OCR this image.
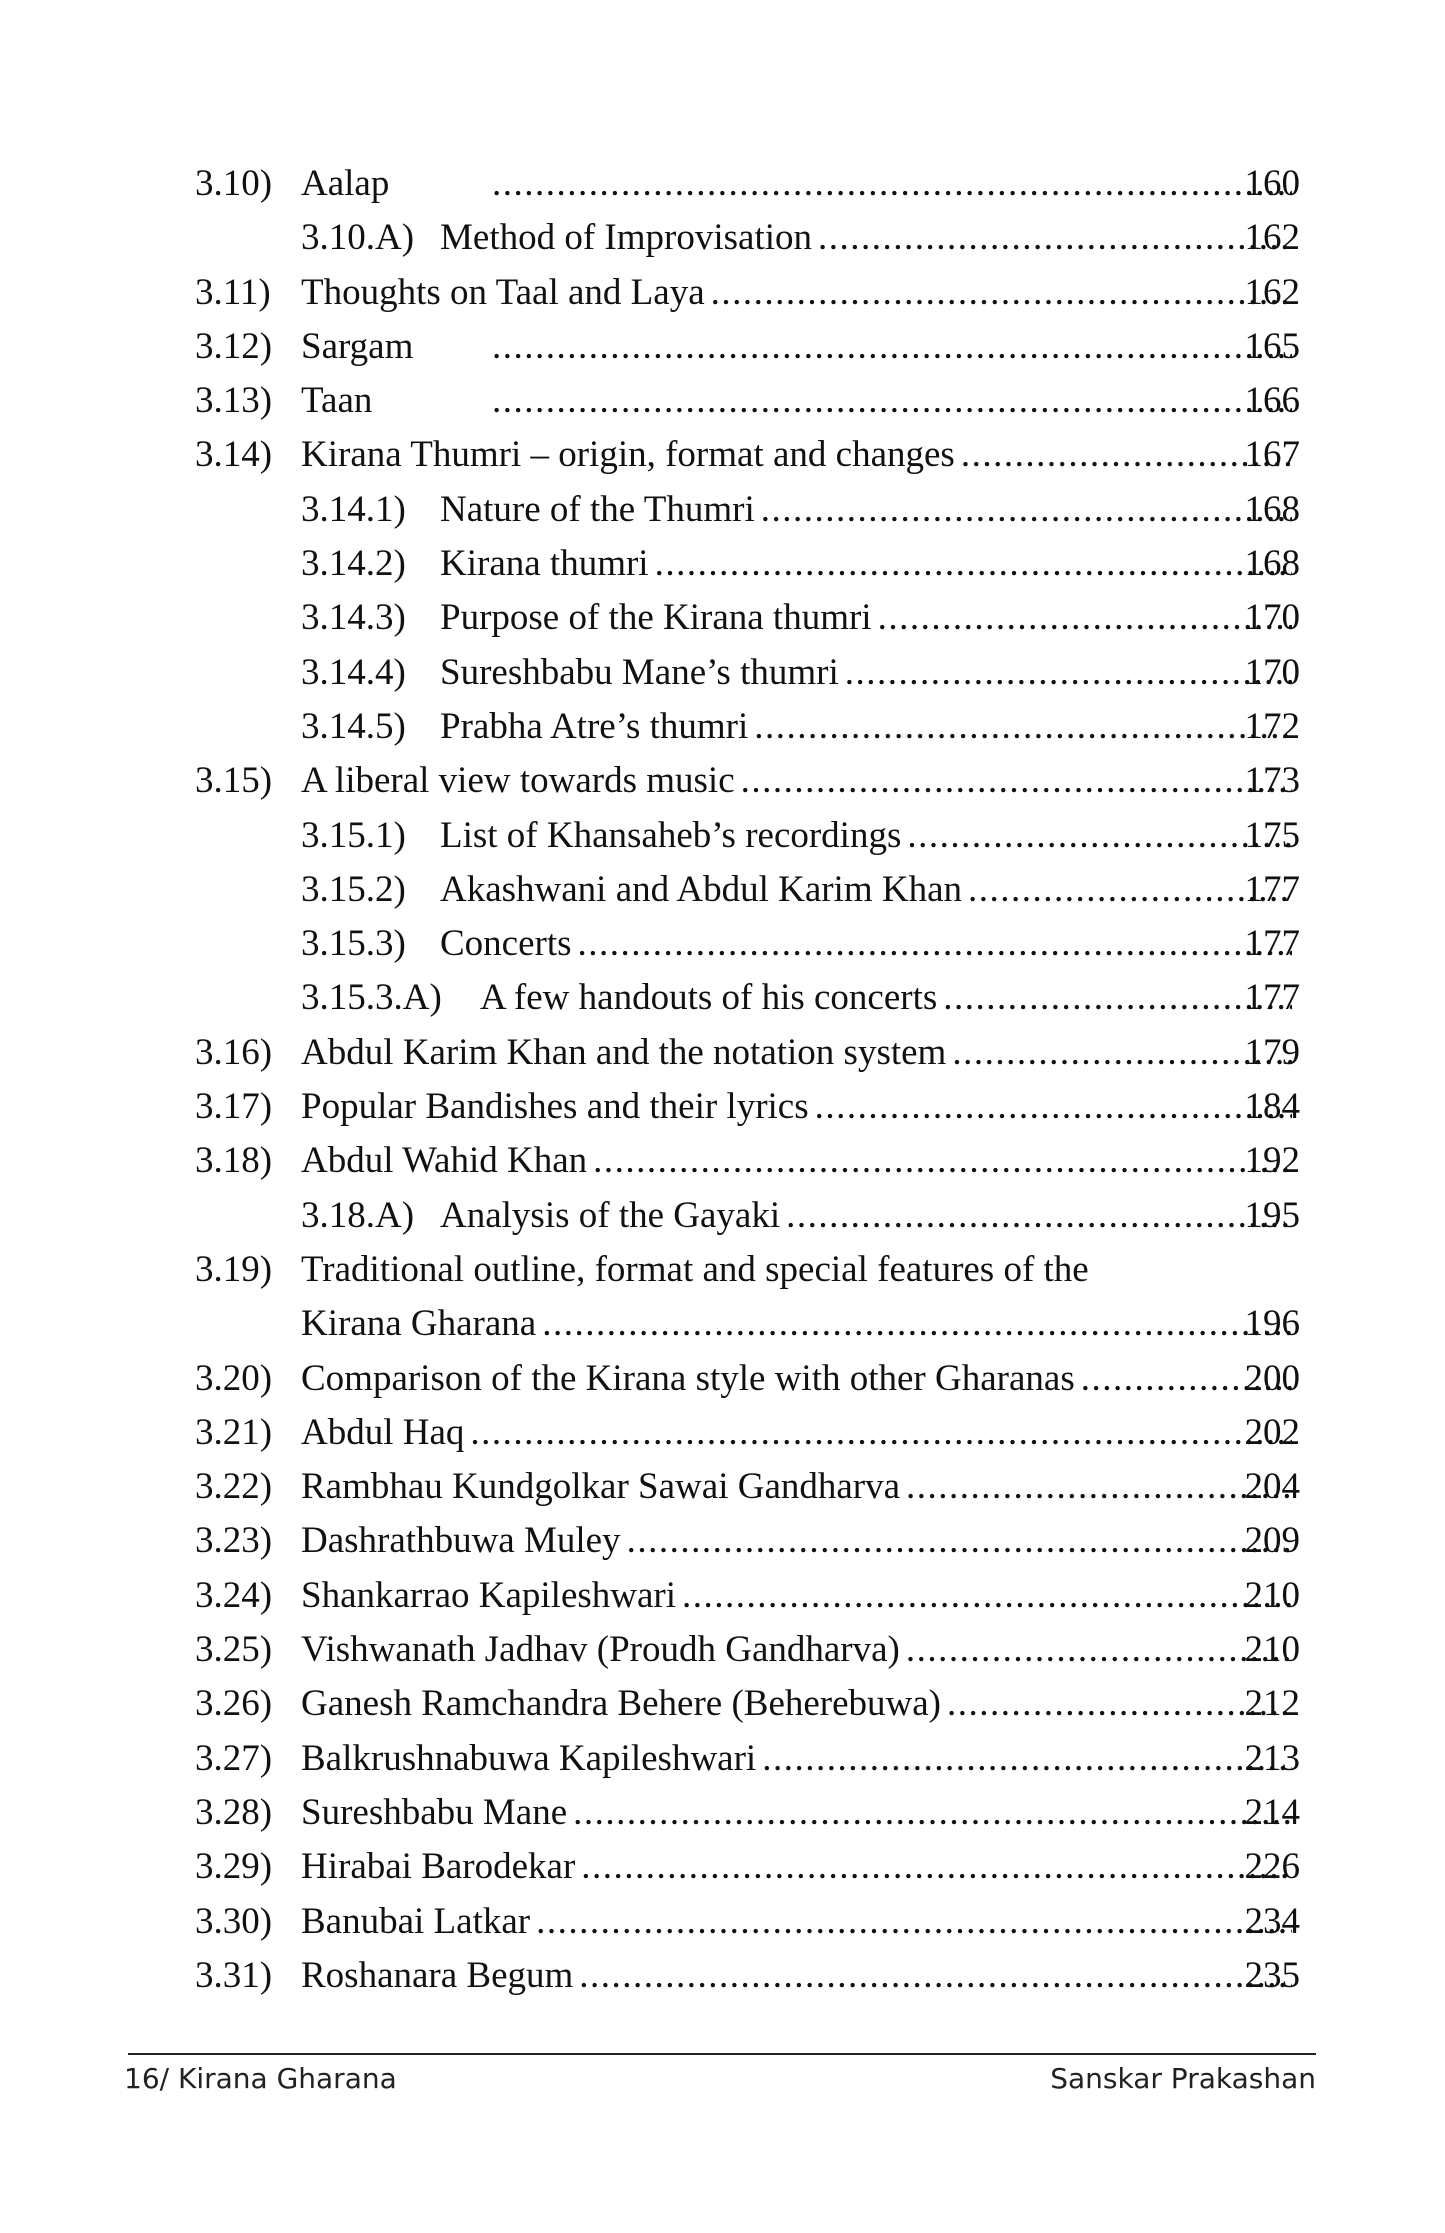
3.10) Aalap .....	160
3.10.A) Method of Improvisation .....	162
3.11) Thoughts on Taal and Laya .....	162
3.12) Sargam .....	165
3.13) Taan .....	166
3.14) Kirana Thumri – origin, format and changes .....	167
3.14.1) Nature of the Thumri .....	168
3.14.2) Kirana thumri .....	168
3.14.3) Purpose of the Kirana thumri .....	170
3.14.4) Sureshbabu Mane’s thumri .....	170
3.14.5) Prabha Atre’s thumri .....	172
3.15) A liberal view towards music .....	173
3.15.1) List of Khansaheb’s recordings .....	175
3.15.2) Akashwani and Abdul Karim Khan .....	177
3.15.3) Concerts .....	177
3.15.3.A) A few handouts of his concerts .....	177
3.16) Abdul Karim Khan and the notation system .....	179
3.17) Popular Bandishes and their lyrics .....	184
3.18) Abdul Wahid Khan .....	192
3.18.A) Analysis of the Gayaki .....	195
3.19) Traditional outline, format and special features of the
Kirana Gharana .....	196
3.20) Comparison of the Kirana style with other Gharanas .....	200
3.21) Abdul Haq .....	202
3.22) Rambhau Kundgolkar Sawai Gandharva .....	204
3.23) Dashrathbuwa Muley .....	209
3.24) Shankarrao Kapileshwari .....	210
3.25) Vishwanath Jadhav (Proudh Gandharva) .....	210
3.26) Ganesh Ramchandra Behere (Beherebuwa) .....	212
3.27) Balkrushnabuwa Kapileshwari .....	213
3.28) Sureshbabu Mane .....	214
3.29) Hirabai Barodekar .....	226
3.30) Banubai Latkar .....	234
3.31) Roshanara Begum .....	235
16/ Kirana Gharana	Sanskar Prakashan
